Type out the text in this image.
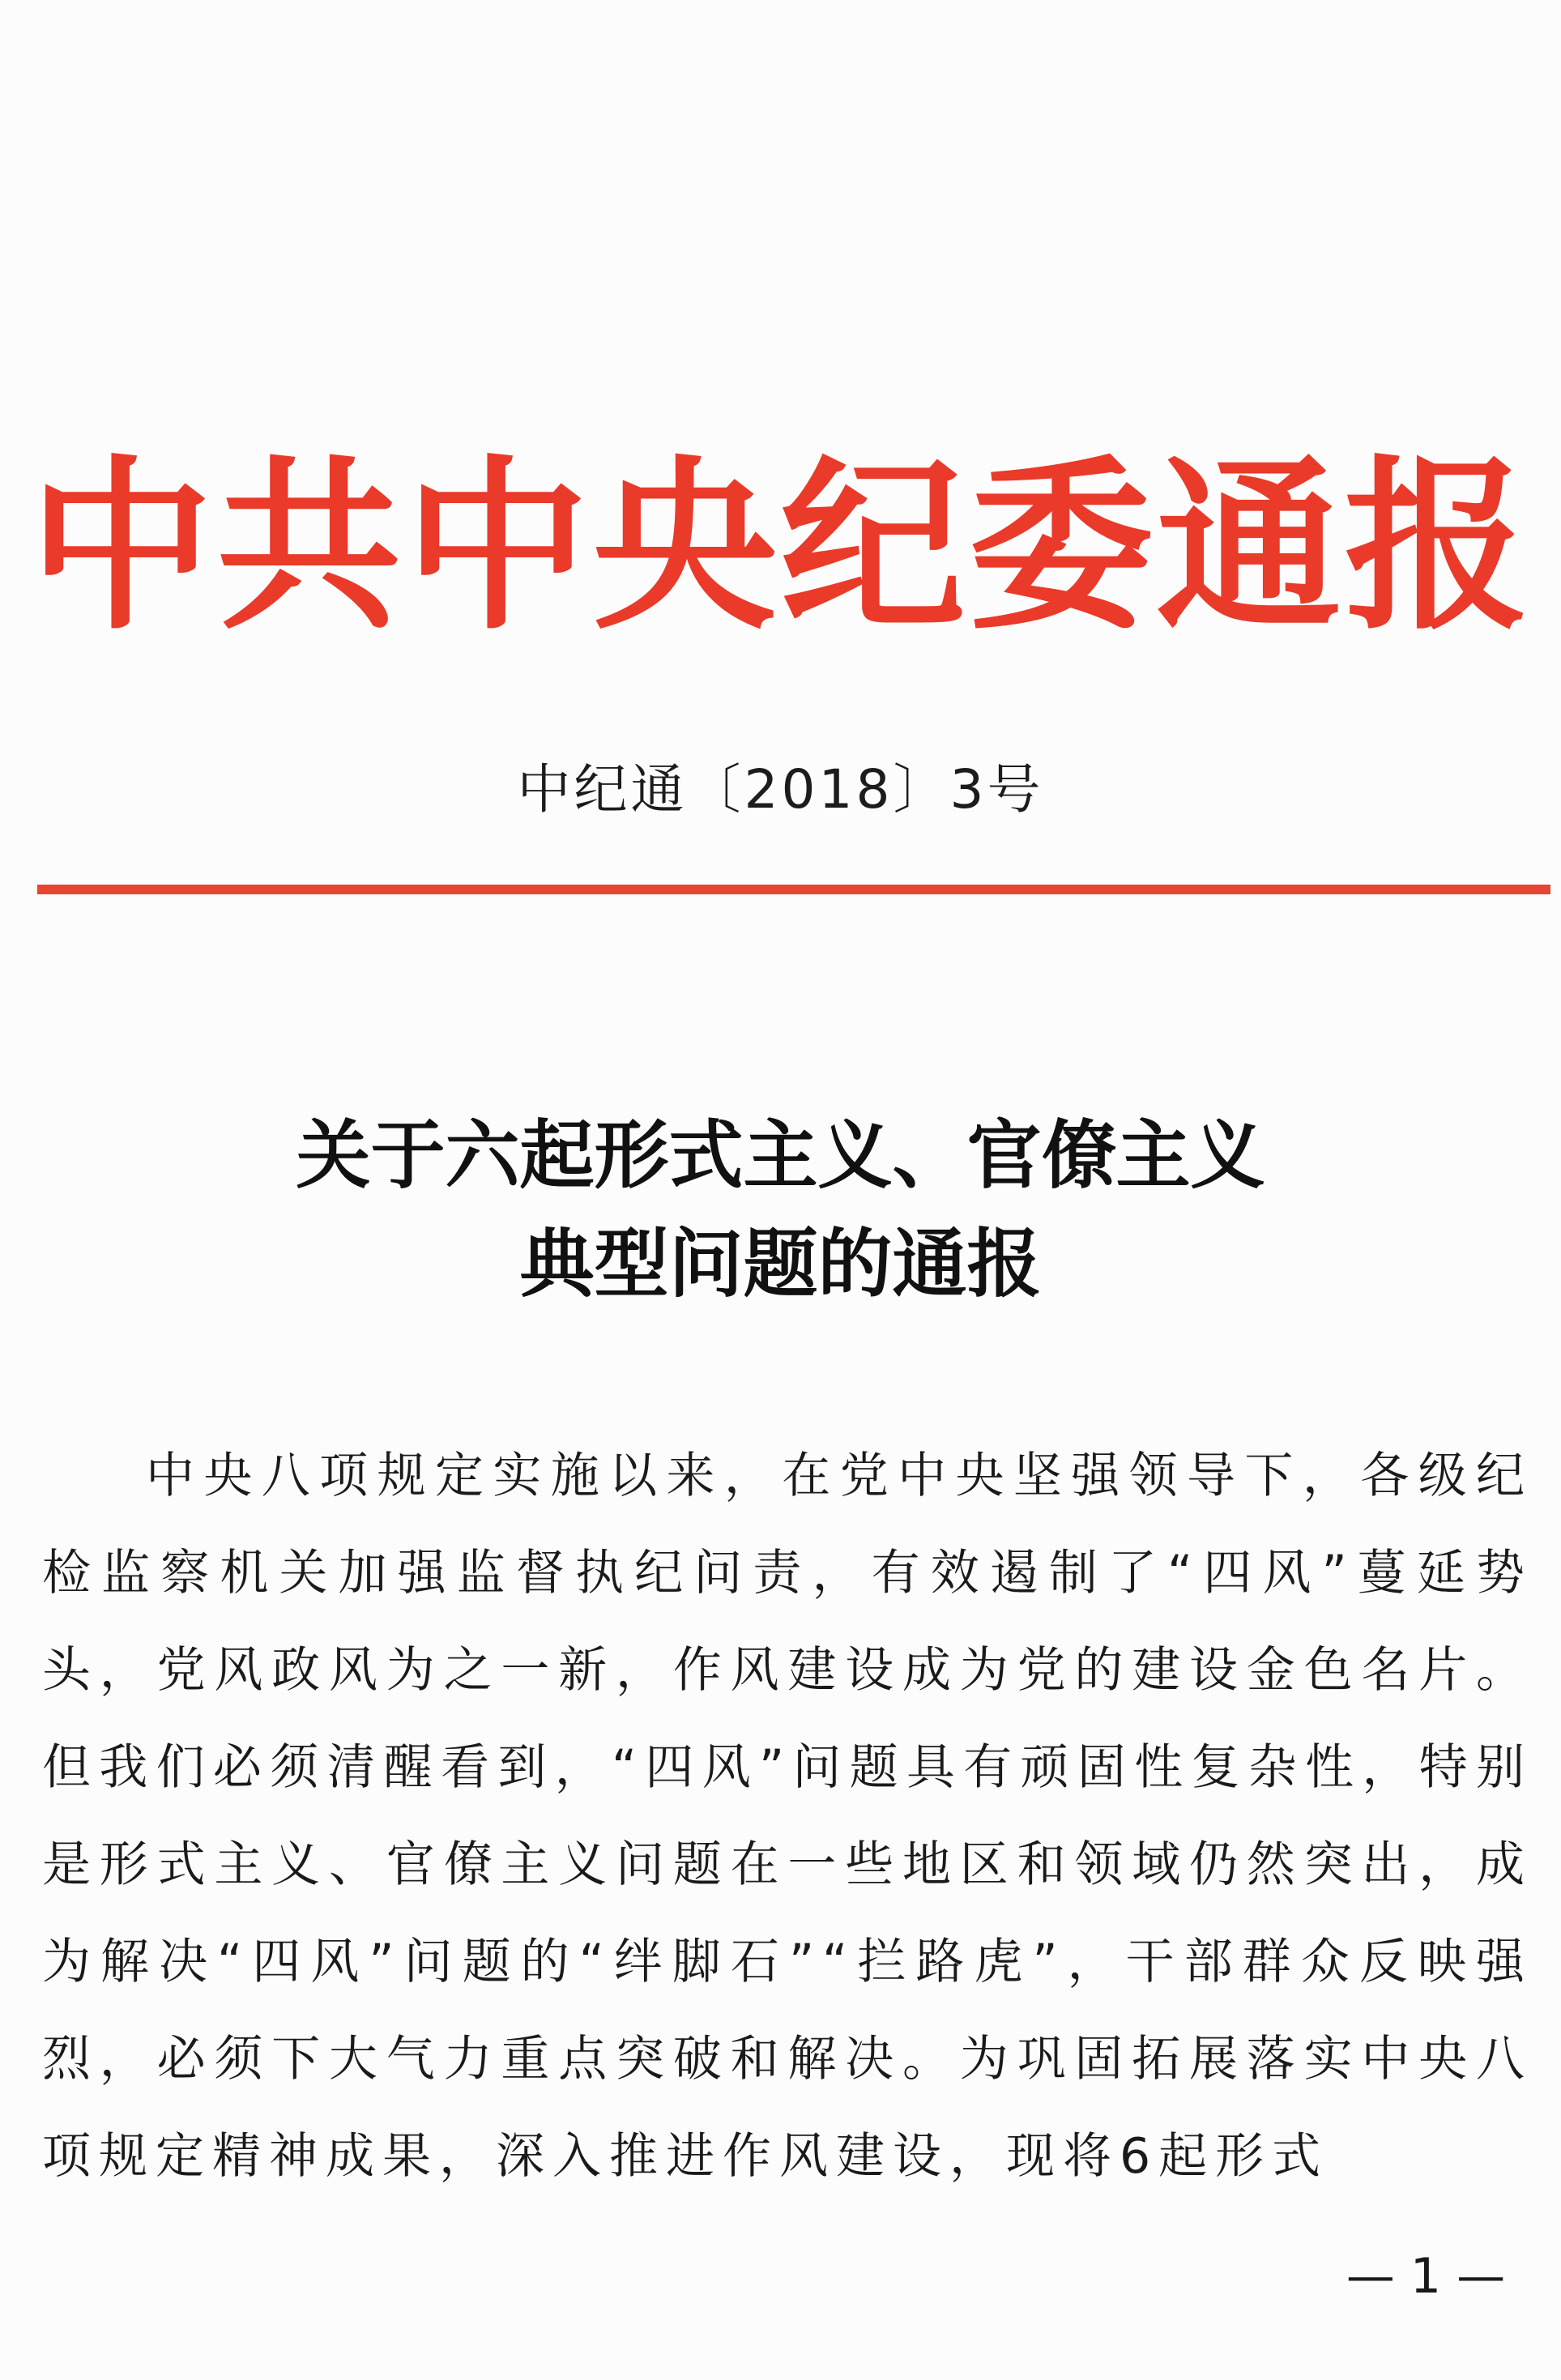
中共中央纪委通报
中纪通〔2018〕3号
关于六起形式主义、官僚主义
典型问题的通报

中央八项规定实施以来，在党中央坚强领导下，各级纪检监察机关加强监督执纪问责，有效遏制了“四风”蔓延势头，党风政风为之一新，作风建设成为党的建设金色名片。但我们必须清醒看到，“四风”问题具有顽固性复杂性，特别是形式主义、官僚主义问题在一些地区和领域仍然突出，成为解决“四风”问题的“绊脚石”“拦路虎”，干部群众反映强烈，必须下大气力重点突破和解决。为巩固拓展落实中央八项规定精神成果，深入推进作风建设，现将6起形式

— 1 —
